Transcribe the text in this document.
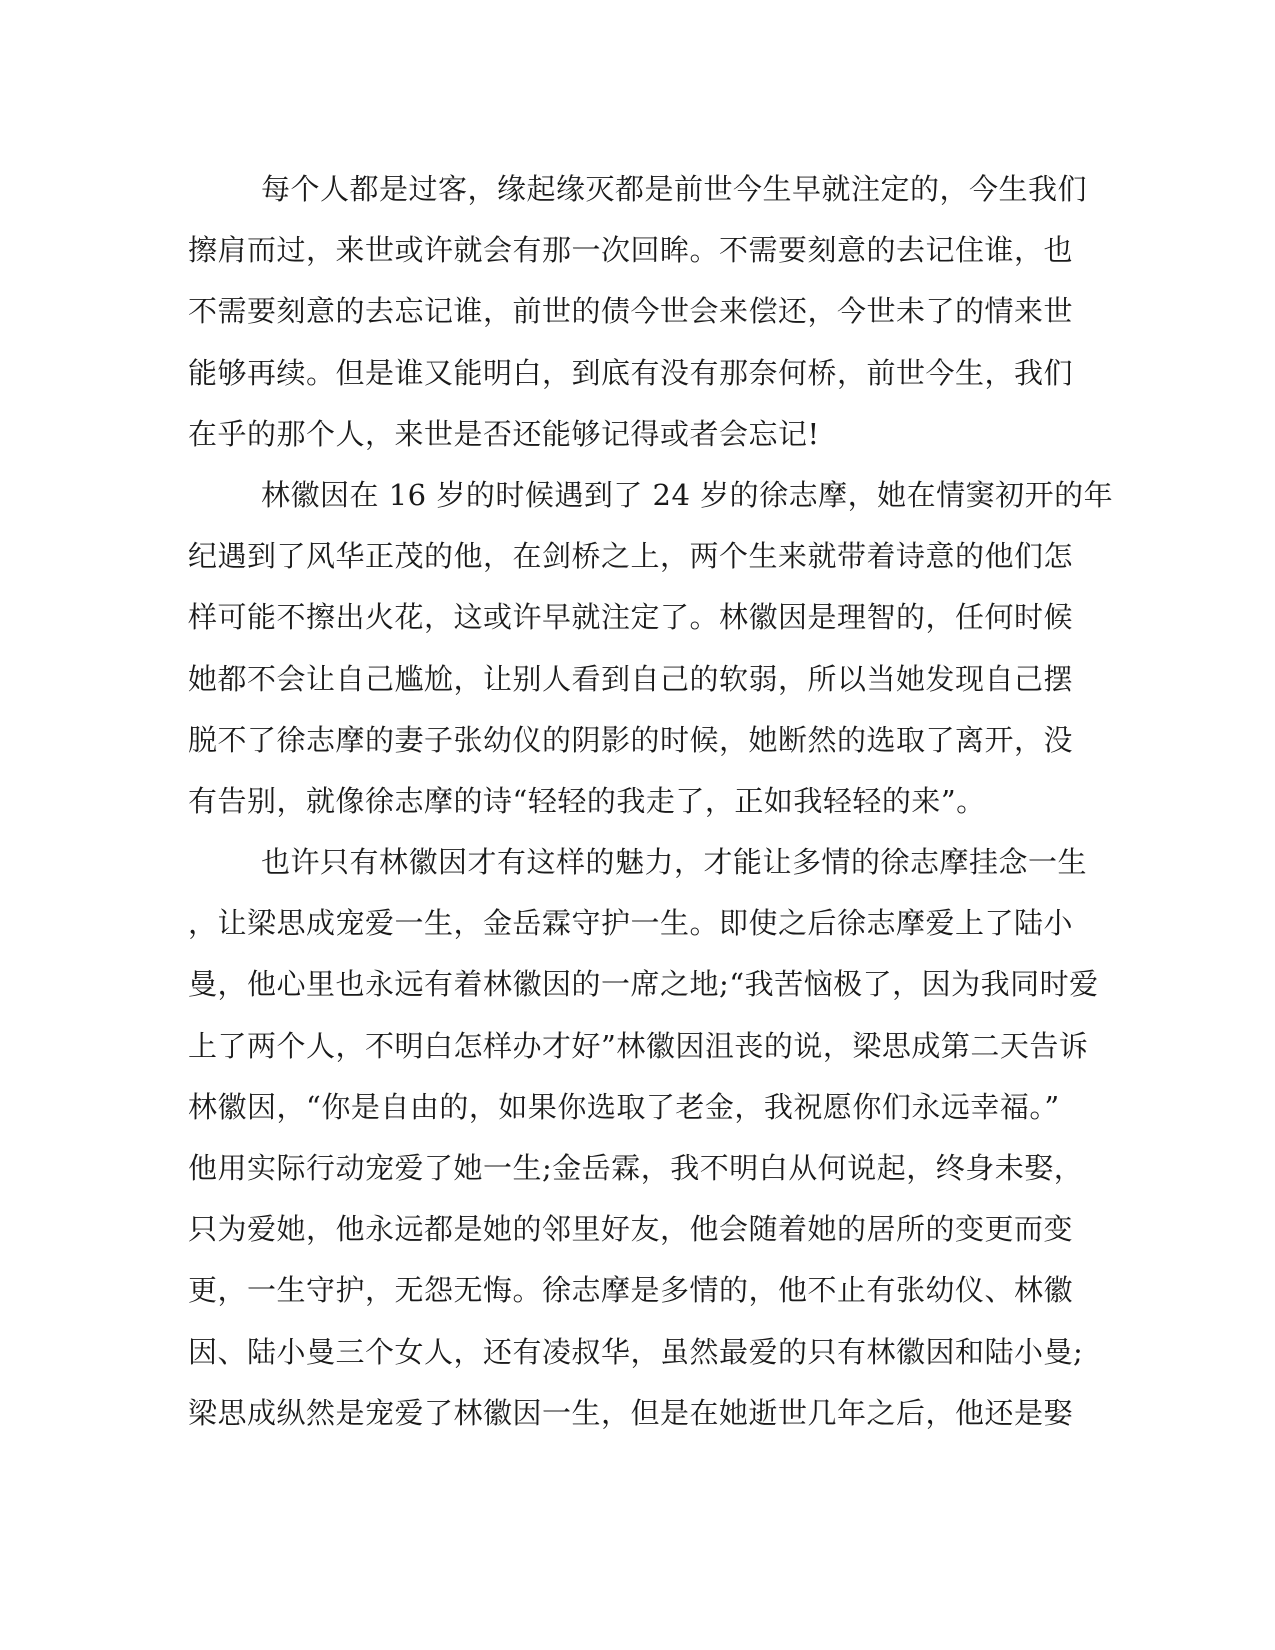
每个人都是过客，缘起缘灭都是前世今生早就注定的，今生我们
擦肩而过，来世或许就会有那一次回眸。不需要刻意的去记住谁，也
不需要刻意的去忘记谁，前世的债今世会来偿还，今世未了的情来世
能够再续。但是谁又能明白，到底有没有那奈何桥，前世今生，我们
在乎的那个人，来世是否还能够记得或者会忘记!
林徽因在 16 岁的时候遇到了 24 岁的徐志摩，她在情窦初开的年
纪遇到了风华正茂的他，在剑桥之上，两个生来就带着诗意的他们怎
样可能不擦出火花，这或许早就注定了。林徽因是理智的，任何时候
她都不会让自己尴尬，让别人看到自己的软弱，所以当她发现自己摆
脱不了徐志摩的妻子张幼仪的阴影的时候，她断然的选取了离开，没
有告别，就像徐志摩的诗“轻轻的我走了，正如我轻轻的来”。
也许只有林徽因才有这样的魅力，才能让多情的徐志摩挂念一生
，让梁思成宠爱一生，金岳霖守护一生。即使之后徐志摩爱上了陆小
曼，他心里也永远有着林徽因的一席之地;“我苦恼极了，因为我同时爱
上了两个人，不明白怎样办才好”林徽因沮丧的说，梁思成第二天告诉
林徽因，“你是自由的，如果你选取了老金，我祝愿你们永远幸福。”
他用实际行动宠爱了她一生;金岳霖，我不明白从何说起，终身未娶，
只为爱她，他永远都是她的邻里好友，他会随着她的居所的变更而变
更，一生守护，无怨无悔。徐志摩是多情的，他不止有张幼仪、林徽
因、陆小曼三个女人，还有凌叔华，虽然最爱的只有林徽因和陆小曼;
梁思成纵然是宠爱了林徽因一生，但是在她逝世几年之后，他还是娶
